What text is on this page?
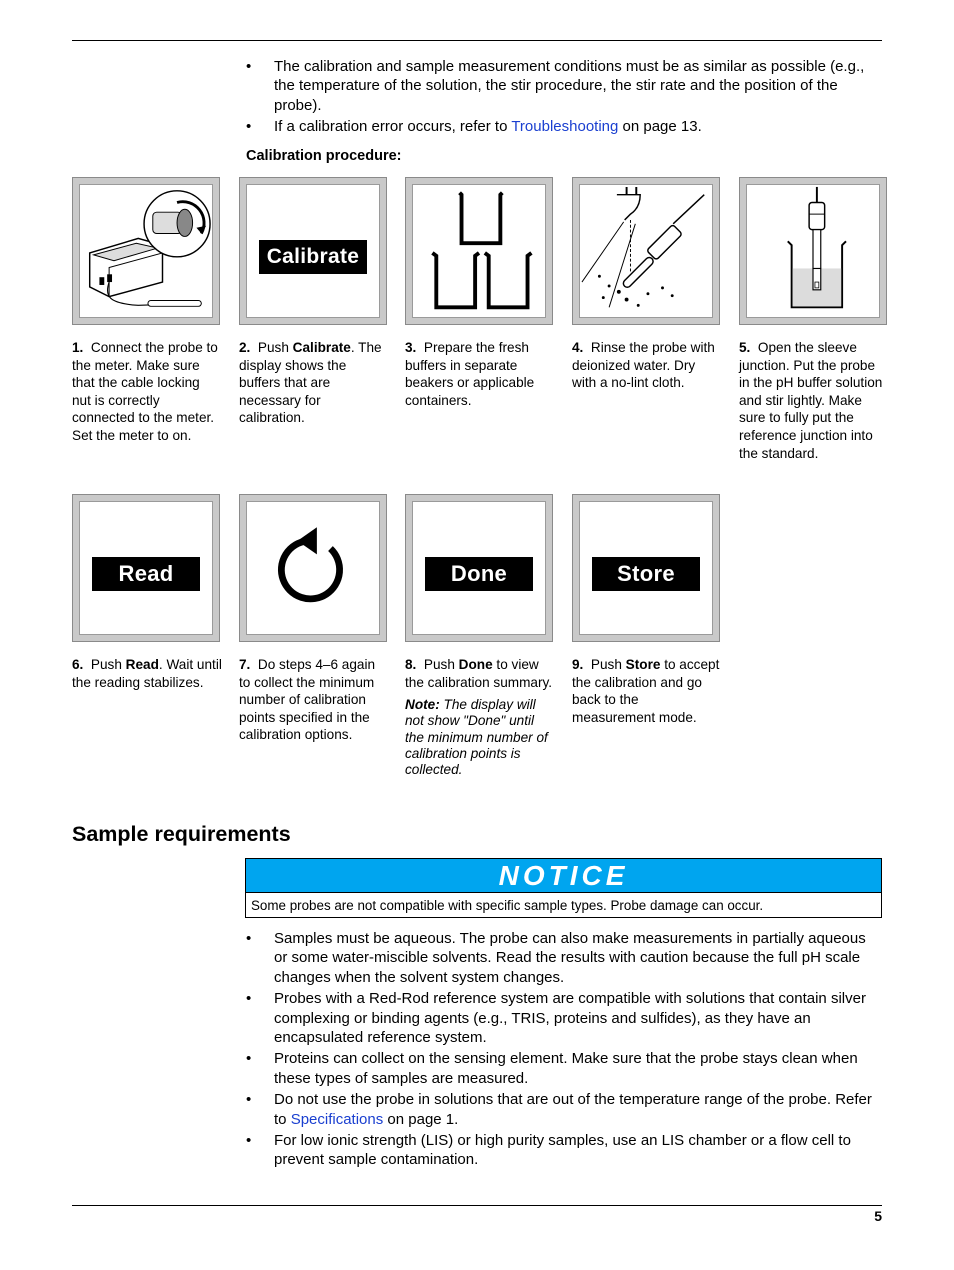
• The calibration and sample measurement conditions must be as similar as possible (e.g., the temperature of the solution, the stir procedure, the stir rate and the position of the probe).
• If a calibration error occurs, refer to Troubleshooting on page 13.
Calibration procedure:
Calibrate

1. Connect the probe to the meter. Make sure that the cable locking nut is correctly connected to the meter. Set the meter to on.

2. Push Calibrate. The display shows the buffers that are necessary for calibration.

3. Prepare the fresh buffers in separate beakers or applicable containers.

4. Rinse the probe with deionized water. Dry with a no-lint cloth.

5. Open the sleeve junction. Put the probe in the pH buffer solution and stir lightly. Make sure to fully put the reference junction into the standard.

Read	Done	Store

6. Push Read. Wait until the reading stabilizes.

7. Do steps 4–6 again to collect the minimum number of calibration points specified in the calibration options.

8. Push Done to view the calibration summary.

Note: The display will not show "Done" until the minimum number of calibration points is collected.

9. Push Store to accept the calibration and go back to the measurement mode.

Sample requirements
NOTICE
Some probes are not compatible with specific sample types. Probe damage can occur.
• Samples must be aqueous. The probe can also make measurements in partially aqueous or some water-miscible solvents. Read the results with caution because the full pH scale changes when the solvent system changes.
• Probes with a Red-Rod reference system are compatible with solutions that contain silver complexing or binding agents (e.g., TRIS, proteins and sulfides), as they have an encapsulated reference system.
• Proteins can collect on the sensing element. Make sure that the probe stays clean when these types of samples are measured.
• Do not use the probe in solutions that are out of the temperature range of the probe. Refer to Specifications on page 1.
• For low ionic strength (LIS) or high purity samples, use an LIS chamber or a flow cell to prevent sample contamination.
5
